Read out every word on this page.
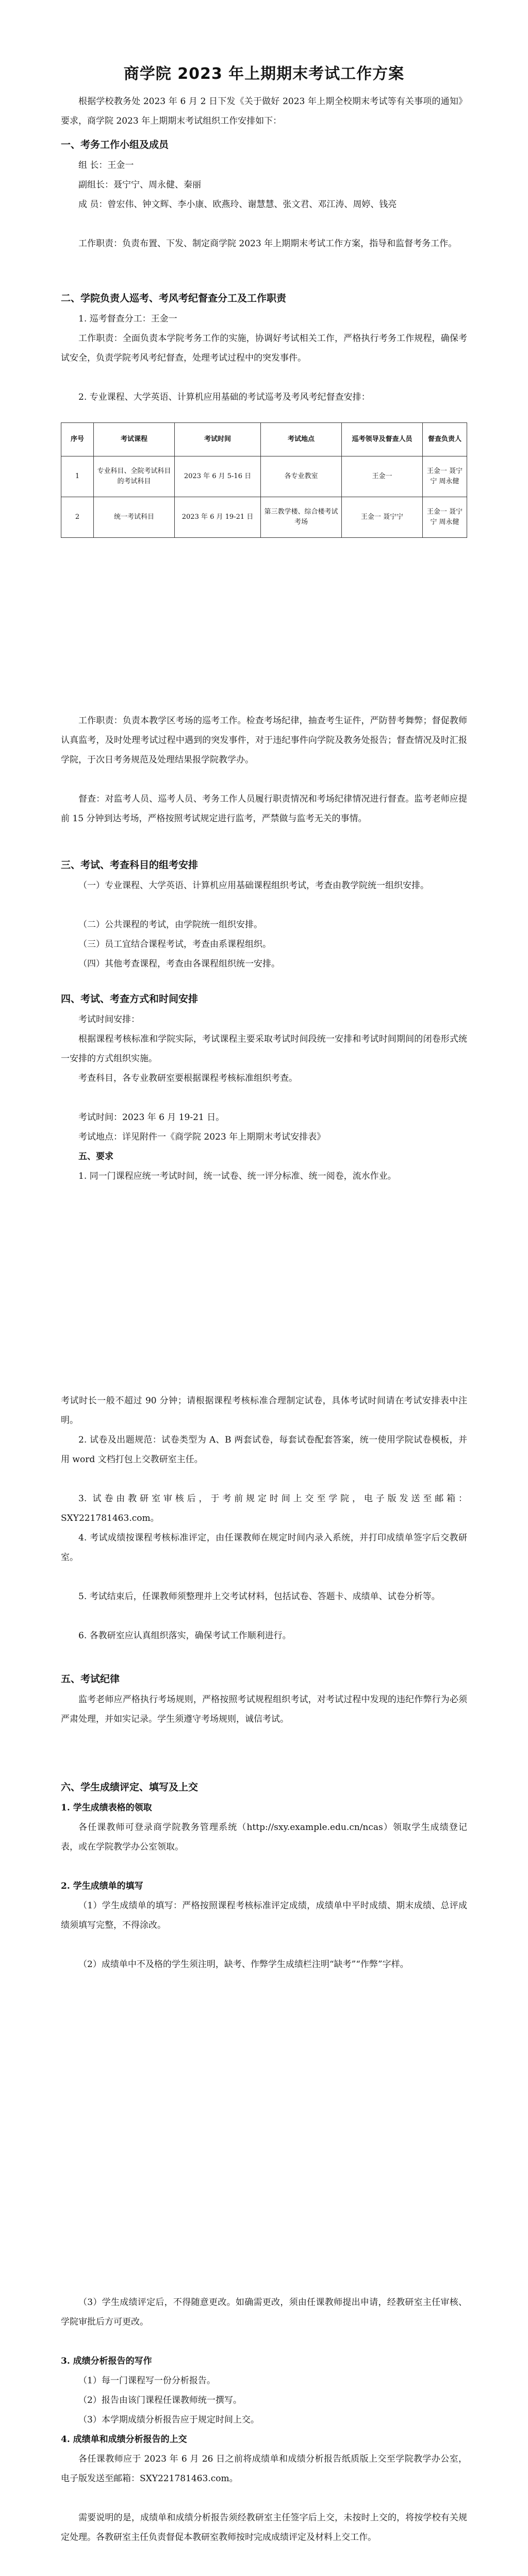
商学院 2023 年上期期末考试工作方案
根据学校教务处 2023 年 6 月 2 日下发《关于做好 2023 年上期全校期末考试等有关事项的通知》要求，商学院 2023 年上期期末考试组织工作安排如下：
一、考务工作小组及成员
组 长：王金一
副组长：聂宁宁、周永健、秦丽
成 员：曾宏伟、钟文辉、李小康、欧燕玲、谢慧慧、张文君、邓江涛、周婷、钱亮
工作职责：负责布置、下发、制定商学院 2023 年上期期末考试工作方案，指导和监督考务工作。
二、学院负责人巡考、考风考纪督查分工及工作职责
1. 巡考督查分工：王金一
工作职责：全面负责本学院考务工作的实施，协调好考试相关工作，严格执行考务工作规程，确保考试安全，负责学院考风考纪督查，处理考试过程中的突发事件。
2. 专业课程、大学英语、计算机应用基础的考试巡考及考风考纪督查安排：
序号	考试课程	考试时间	考试地点	巡考领导及督查人员	督查负责人
1	专业科目、全院考试科目的考试科目	2023 年 6 月 5-16 日	各专业教室	王金一	王金一 聂宁宁 周永健
2	统一考试科目	2023 年 6 月 19-21 日	第三教学楼、综合楼考试考场	王金一 聂宁宁	王金一 聂宁宁 周永健
工作职责：负责本教学区考场的巡考工作。检查考场纪律，抽查考生证件，严防替考舞弊；督促教师认真监考，及时处理考试过程中遇到的突发事件，对于违纪事件向学院及教务处报告；督查情况及时汇报学院，于次日考务规范及处理结果报学院教学办。
督查：对监考人员、巡考人员、考务工作人员履行职责情况和考场纪律情况进行督查。监考老师应提前 15 分钟到达考场，严格按照考试规定进行监考，严禁做与监考无关的事情。
三、考试、考查科目的组考安排
（一）专业课程、大学英语、计算机应用基础课程组织考试，考查由教学院统一组织安排。
（二）公共课程的考试，由学院统一组织安排。
（三）员工宜结合课程考试，考查由系课程组织。
（四）其他考查课程，考查由各课程组织统一安排。
四、考试、考查方式和时间安排
考试时间安排：
根据课程考核标准和学院实际，考试课程主要采取考试时间段统一安排和考试时间期间的闭卷形式统一安排的方式组织实施。
考查科目，各专业教研室要根据课程考核标准组织考查。
考试时间：2023 年 6 月 19-21 日。
考试地点：详见附件一《商学院 2023 年上期期末考试安排表》
五、要求
1. 同一门课程应统一考试时间，统一试卷、统一评分标准、统一阅卷，流水作业。
考试时长一般不超过 90 分钟；请根据课程考核标准合理制定试卷，具体考试时间请在考试安排表中注明。
2. 试卷及出题规范：试卷类型为 A、B 两套试卷，每套试卷配套答案，统一使用学院试卷模板，并用 word 文档打包上交教研室主任。
3. 试卷由教研室审核后，于考前规定时间上交至学院，电子版发送至邮箱：SXY221781463.com。
4. 考试成绩按课程考核标准评定，由任课教师在规定时间内录入系统，并打印成绩单签字后交教研室。
5. 考试结束后，任课教师须整理并上交考试材料，包括试卷、答题卡、成绩单、试卷分析等。
6. 各教研室应认真组织落实，确保考试工作顺利进行。
五、考试纪律
监考老师应严格执行考场规则，严格按照考试规程组织考试，对考试过程中发现的违纪作弊行为必须严肃处理，并如实记录。学生须遵守考场规则，诚信考试。
六、学生成绩评定、填写及上交
1. 学生成绩表格的领取
各任课教师可登录商学院教务管理系统（http://sxy.example.edu.cn/ncas）领取学生成绩登记表，或在学院教学办公室领取。
2. 学生成绩单的填写
（1）学生成绩单的填写：严格按照课程考核标准评定成绩，成绩单中平时成绩、期末成绩、总评成绩须填写完整，不得涂改。
（2）成绩单中不及格的学生须注明，缺考、作弊学生成绩栏注明“缺考”“作弊”字样。
（3）学生成绩评定后，不得随意更改。如确需更改，须由任课教师提出申请，经教研室主任审核、学院审批后方可更改。
3. 成绩分析报告的写作
（1）每一门课程写一份分析报告。
（2）报告由该门课程任课教师统一撰写。
（3）本学期成绩分析报告应于规定时间上交。
4. 成绩单和成绩分析报告的上交
各任课教师应于 2023 年 6 月 26 日之前将成绩单和成绩分析报告纸质版上交至学院教学办公室，电子版发送至邮箱：SXY221781463.com。
需要说明的是，成绩单和成绩分析报告须经教研室主任签字后上交，未按时上交的，将按学校有关规定处理。各教研室主任负责督促本教研室教师按时完成成绩评定及材料上交工作。
